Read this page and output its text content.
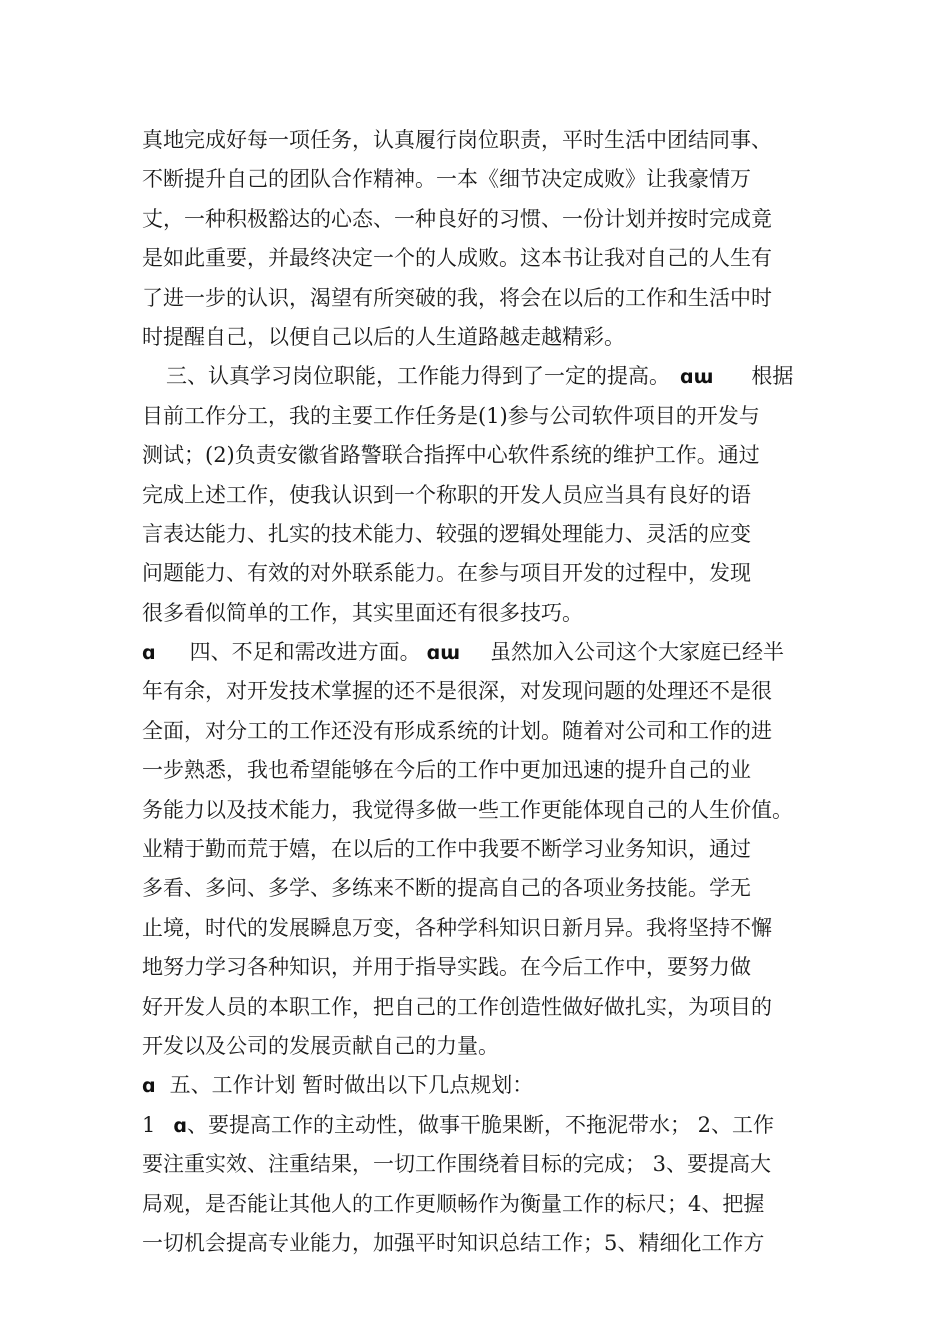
真地完成好每一项任务，认真履行岗位职责，平时生活中团结同事、
不断提升自己的团队合作精神。一本《细节决定成败》让我豪情万
丈，一种积极豁达的心态、一种良好的习惯、一份计划并按时完成竟
是如此重要，并最终决定一个的人成败。这本书让我对自己的人生有
了进一步的认识，渴望有所突破的我，将会在以后的工作和生活中时
时提醒自己，以便自己以后的人生道路越走越精彩。
三、认真学习岗位职能，工作能力得到了一定的提高。 ɑɯ 根据
目前工作分工，我的主要工作任务是(1)参与公司软件项目的开发与
测试；(2)负责安徽省路警联合指挥中心软件系统的维护工作。通过
完成上述工作，使我认识到一个称职的开发人员应当具有良好的语
言表达能力、扎实的技术能力、较强的逻辑处理能力、灵活的应变
问题能力、有效的对外联系能力。在参与项目开发的过程中，发现
很多看似简单的工作，其实里面还有很多技巧。
ɑ 四、不足和需改进方面。 ɑɯ 虽然加入公司这个大家庭已经半
年有余，对开发技术掌握的还不是很深，对发现问题的处理还不是很
全面，对分工的工作还没有形成系统的计划。随着对公司和工作的进
一步熟悉，我也希望能够在今后的工作中更加迅速的提升自己的业
务能力以及技术能力，我觉得多做一些工作更能体现自己的人生价值。
业精于勤而荒于嬉，在以后的工作中我要不断学习业务知识，通过
多看、多问、多学、多练来不断的提高自己的各项业务技能。学无
止境，时代的发展瞬息万变，各种学科知识日新月异。我将坚持不懈
地努力学习各种知识，并用于指导实践。在今后工作中，要努力做
好开发人员的本职工作，把自己的工作创造性做好做扎实，为项目的
开发以及公司的发展贡献自己的力量。
ɑ 五、工作计划 暂时做出以下几点规划：
1 ɑ、要提高工作的主动性，做事干脆果断，不拖泥带水； 2、工作
要注重实效、注重结果，一切工作围绕着目标的完成； 3、要提高大
局观，是否能让其他人的工作更顺畅作为衡量工作的标尺；4、把握
一切机会提高专业能力，加强平时知识总结工作；5、精细化工作方
